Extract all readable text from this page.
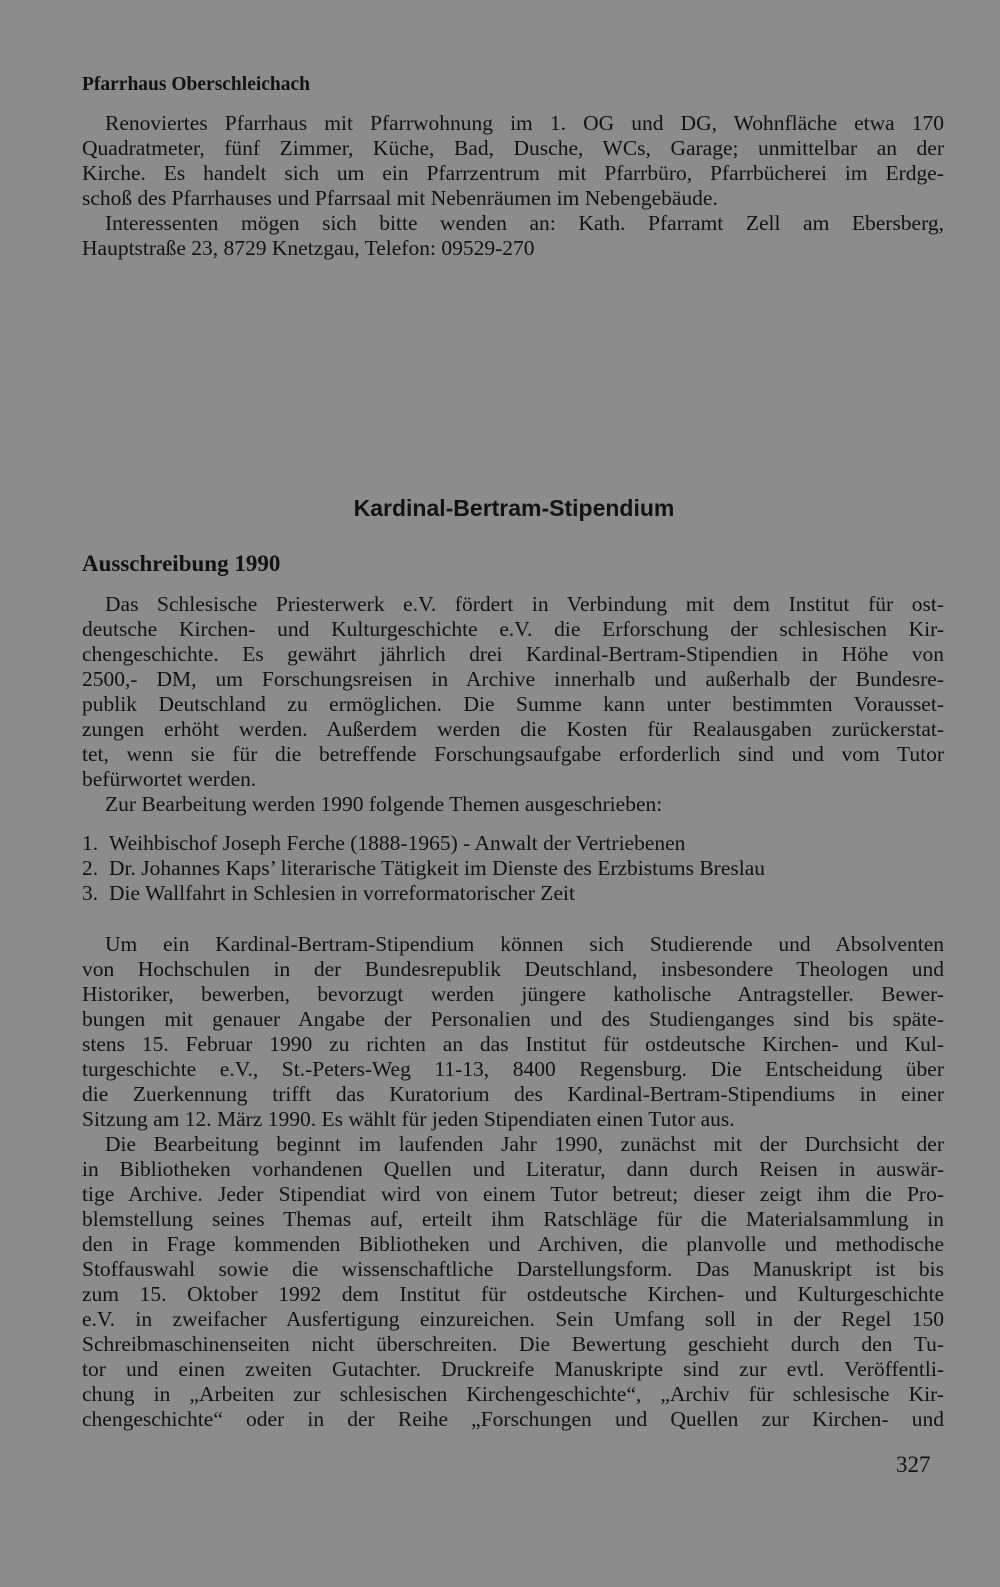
Pfarrhaus Oberschleichach
Renoviertes Pfarrhaus mit Pfarrwohnung im 1. OG und DG, Wohnfläche etwa 170
Quadratmeter, fünf Zimmer, Küche, Bad, Dusche, WCs, Garage; unmittelbar an der
Kirche. Es handelt sich um ein Pfarrzentrum mit Pfarrbüro, Pfarrbücherei im Erdge-
schoß des Pfarrhauses und Pfarrsaal mit Nebenräumen im Nebengebäude.
Interessenten mögen sich bitte wenden an: Kath. Pfarramt Zell am Ebersberg,
Hauptstraße 23, 8729 Knetzgau, Telefon: 09529-270
Kardinal-Bertram-Stipendium
Ausschreibung 1990
Das Schlesische Priesterwerk e.V. fördert in Verbindung mit dem Institut für ost-
deutsche Kirchen- und Kulturgeschichte e.V. die Erforschung der schlesischen Kir-
chengeschichte. Es gewährt jährlich drei Kardinal-Bertram-Stipendien in Höhe von
2500,- DM, um Forschungsreisen in Archive innerhalb und außerhalb der Bundesre-
publik Deutschland zu ermöglichen. Die Summe kann unter bestimmten Vorausset-
zungen erhöht werden. Außerdem werden die Kosten für Realausgaben zurückerstat-
tet, wenn sie für die betreffende Forschungsaufgabe erforderlich sind und vom Tutor
befürwortet werden.
Zur Bearbeitung werden 1990 folgende Themen ausgeschrieben:
1. Weihbischof Joseph Ferche (1888-1965) - Anwalt der Vertriebenen
2. Dr. Johannes Kaps’ literarische Tätigkeit im Dienste des Erzbistums Breslau
3. Die Wallfahrt in Schlesien in vorreformatorischer Zeit
Um ein Kardinal-Bertram-Stipendium können sich Studierende und Absolventen
von Hochschulen in der Bundesrepublik Deutschland, insbesondere Theologen und
Historiker, bewerben, bevorzugt werden jüngere katholische Antragsteller. Bewer-
bungen mit genauer Angabe der Personalien und des Studienganges sind bis späte-
stens 15. Februar 1990 zu richten an das Institut für ostdeutsche Kirchen- und Kul-
turgeschichte e.V., St.-Peters-Weg 11-13, 8400 Regensburg. Die Entscheidung über
die Zuerkennung trifft das Kuratorium des Kardinal-Bertram-Stipendiums in einer
Sitzung am 12. März 1990. Es wählt für jeden Stipendiaten einen Tutor aus.
Die Bearbeitung beginnt im laufenden Jahr 1990, zunächst mit der Durchsicht der
in Bibliotheken vorhandenen Quellen und Literatur, dann durch Reisen in auswär-
tige Archive. Jeder Stipendiat wird von einem Tutor betreut; dieser zeigt ihm die Pro-
blemstellung seines Themas auf, erteilt ihm Ratschläge für die Materialsammlung in
den in Frage kommenden Bibliotheken und Archiven, die planvolle und methodische
Stoffauswahl sowie die wissenschaftliche Darstellungsform. Das Manuskript ist bis
zum 15. Oktober 1992 dem Institut für ostdeutsche Kirchen- und Kulturgeschichte
e.V. in zweifacher Ausfertigung einzureichen. Sein Umfang soll in der Regel 150
Schreibmaschinenseiten nicht überschreiten. Die Bewertung geschieht durch den Tu-
tor und einen zweiten Gutachter. Druckreife Manuskripte sind zur evtl. Veröffentli-
chung in „Arbeiten zur schlesischen Kirchengeschichte“, „Archiv für schlesische Kir-
chengeschichte“ oder in der Reihe „Forschungen und Quellen zur Kirchen- und
327
